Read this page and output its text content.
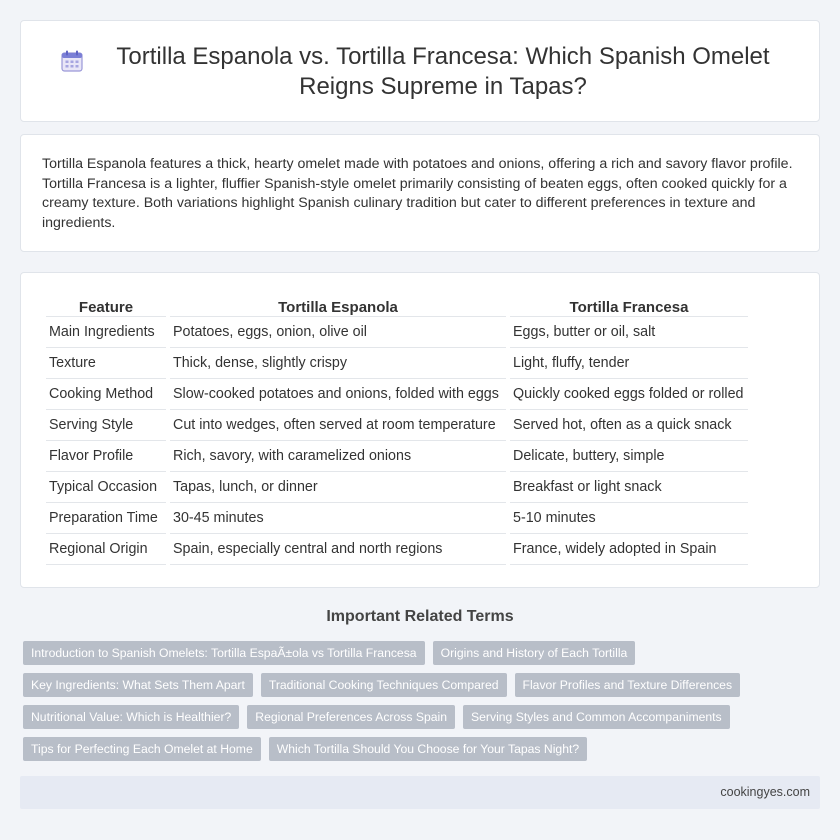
Tortilla Espanola vs. Tortilla Francesa: Which Spanish Omelet Reigns Supreme in Tapas?

Tortilla Espanola features a thick, hearty omelet made with potatoes and onions, offering a rich and savory flavor profile. Tortilla Francesa is a lighter, fluffier Spanish-style omelet primarily consisting of beaten eggs, often cooked quickly for a creamy texture. Both variations highlight Spanish culinary tradition but cater to different preferences in texture and ingredients.

Feature	Tortilla Espanola	Tortilla Francesa
Main Ingredients	Potatoes, eggs, onion, olive oil	Eggs, butter or oil, salt
Texture	Thick, dense, slightly crispy	Light, fluffy, tender
Cooking Method	Slow-cooked potatoes and onions, folded with eggs	Quickly cooked eggs folded or rolled
Serving Style	Cut into wedges, often served at room temperature	Served hot, often as a quick snack
Flavor Profile	Rich, savory, with caramelized onions	Delicate, buttery, simple
Typical Occasion	Tapas, lunch, or dinner	Breakfast or light snack
Preparation Time	30-45 minutes	5-10 minutes
Regional Origin	Spain, especially central and north regions	France, widely adopted in Spain
Important Related Terms
Introduction to Spanish Omelets: Tortilla EspaÃ±ola vs Tortilla Francesa	Origins and History of Each Tortilla
Key Ingredients: What Sets Them Apart	Traditional Cooking Techniques Compared	Flavor Profiles and Texture Differences
Nutritional Value: Which is Healthier?	Regional Preferences Across Spain	Serving Styles and Common Accompaniments
Tips for Perfecting Each Omelet at Home	Which Tortilla Should You Choose for Your Tapas Night?
cookingyes.com
